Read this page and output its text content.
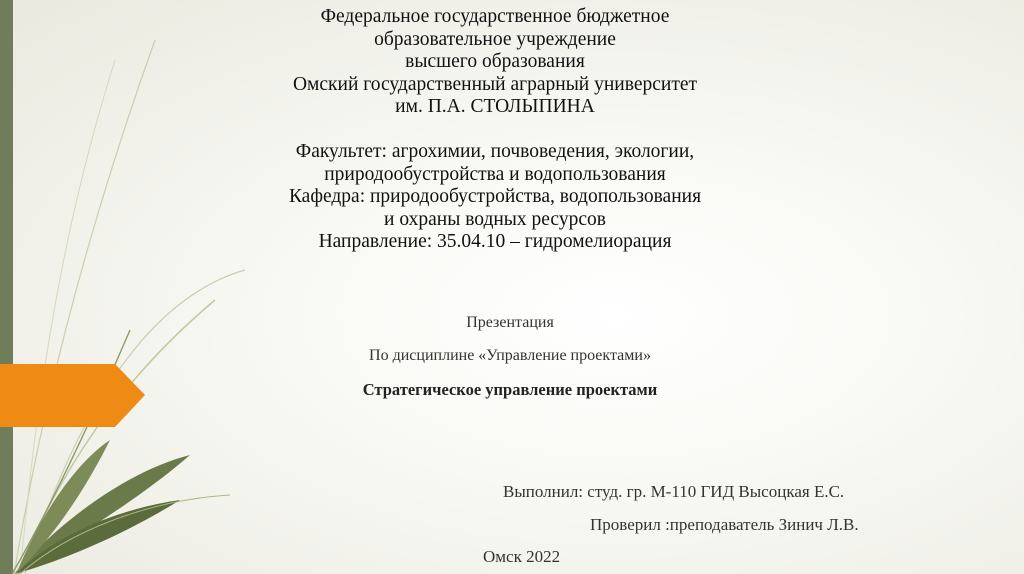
Федеральное государственное бюджетное

образовательное учреждение

высшего образования

Омский государственный аграрный университет

им. П.А. СТОЛЫПИНА

Факультет: агрохимии, почвоведения, экологии,

природообустройства и водопользования

Кафедра: природообустройства, водопользования

и охраны водных ресурсов

Направление: 35.04.10 – гидромелиорация

Презентация

По дисциплине «Управление проектами»

Стратегическое управление проектами

Выполнил: студ. гр. М-110 ГИД Высоцкая Е.С.
Проверил :преподаватель Зинич Л.В.
Омск 2022
